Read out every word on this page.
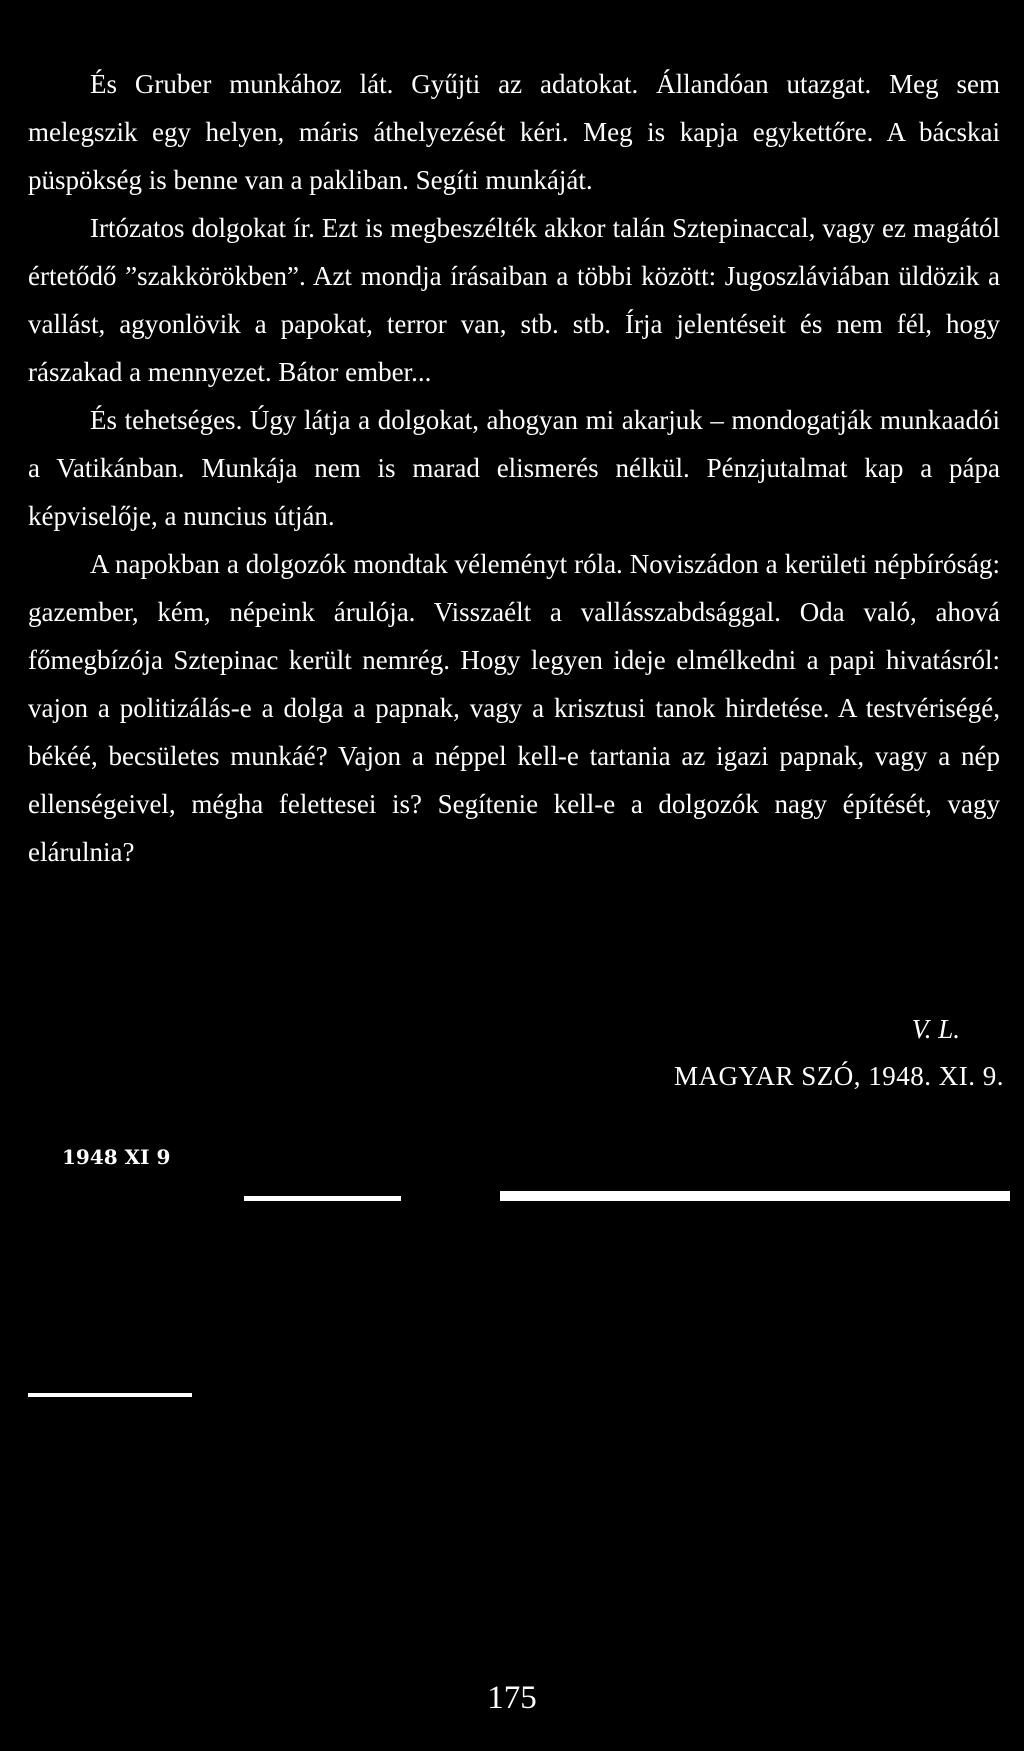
És Gruber munkához lát. Gyűjti az adatokat. Állandóan utazgat. Meg sem melegszik egy helyen, máris áthelyezését kéri. Meg is kapja egykettőre. A bácskai püspökség is benne van a pakliban. Segíti munkáját.

Irtózatos dolgokat ír. Ezt is megbeszélték akkor talán Sztepinaccal, vagy ez magától értetődő ”szakkörökben”. Azt mondja írásaiban a többi között: Jugoszláviában üldözik a vallást, agyonlövik a papokat, terror van, stb. stb. Írja jelentéseit és nem fél, hogy rászakad a mennyezet. Bátor ember...

És tehetséges. Úgy látja a dolgokat, ahogyan mi akarjuk – mondogatják munkaadói a Vatikánban. Munkája nem is marad elismerés nélkül. Pénzjutalmat kap a pápa képviselője, a nuncius útján.

A napokban a dolgozók mondtak véleményt róla. Noviszádon a kerületi népbíróság: gazember, kém, népeink árulója. Visszaélt a vallásszabdsággal. Oda való, ahová főmegbízója Sztepinac került nemrég. Hogy legyen ideje elmélkedni a papi hivatásról: vajon a politizálás-e a dolga a papnak, vagy a krisztusi tanok hirdetése. A testvériségé, békéé, becsületes munkáé? Vajon a néppel kell-e tartania az igazi papnak, vagy a nép ellenségeivel, mégha felettesei is? Segítenie kell-e a dolgozók nagy építését, vagy elárulnia?

V. L.
MAGYAR SZÓ, 1948. XI. 9.
1948 XI 9
175
